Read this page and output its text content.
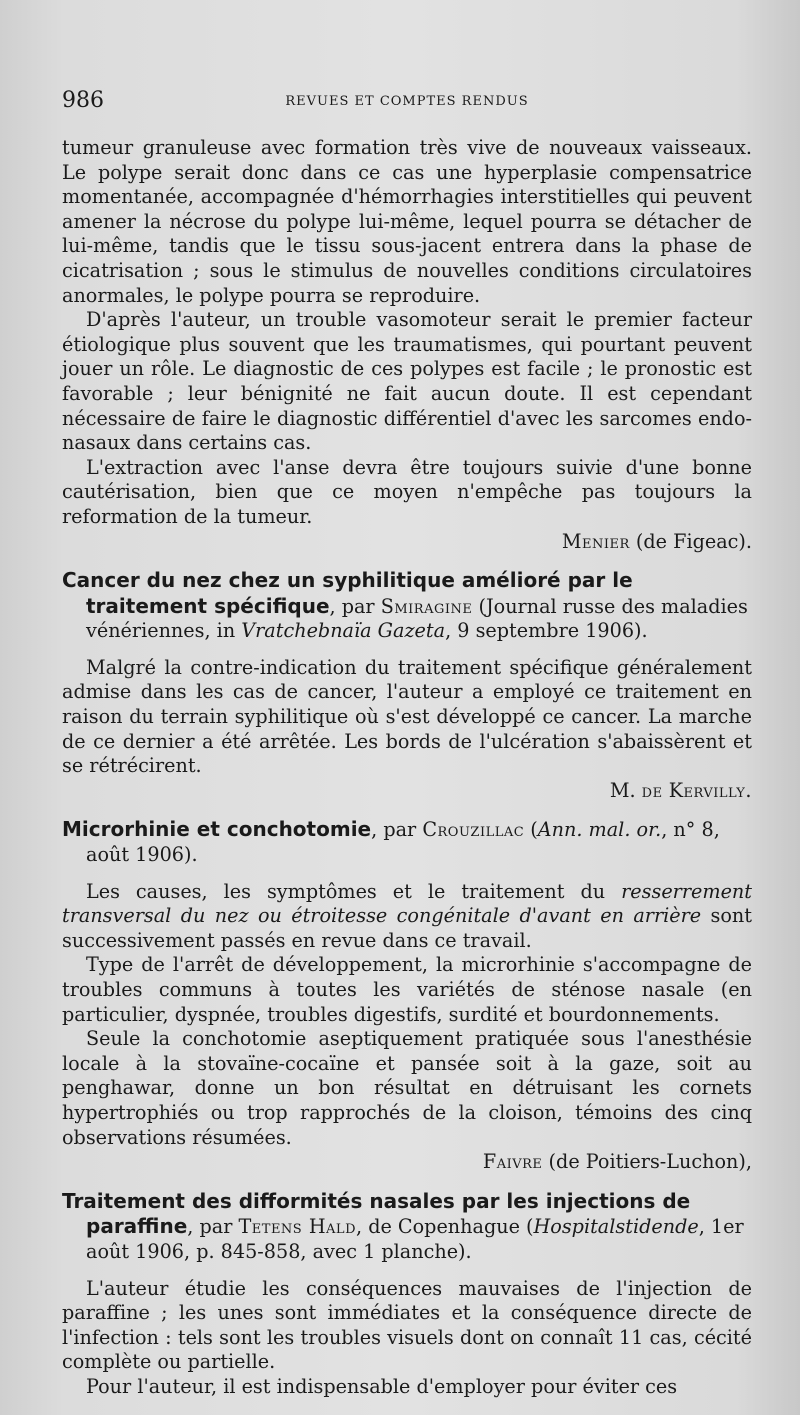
986	REVUES ET COMPTES RENDUS

tumeur granuleuse avec formation très vive de nouveaux vaisseaux. Le polype serait donc dans ce cas une hyperplasie compensatrice momentanée, accompagnée d'hémorrhagies interstitielles qui peuvent amener la nécrose du polype lui-même, lequel pourra se détacher de lui-même, tandis que le tissu sous-jacent entrera dans la phase de cicatrisation ; sous le stimulus de nouvelles conditions circulatoires anormales, le polype pourra se reproduire.

D'après l'auteur, un trouble vasomoteur serait le premier facteur étiologique plus souvent que les traumatismes, qui pourtant peuvent jouer un rôle. Le diagnostic de ces polypes est facile ; le pronostic est favorable ; leur bénignité ne fait aucun doute. Il est cependant nécessaire de faire le diagnostic différentiel d'avec les sarcomes endo-nasaux dans certains cas.

L'extraction avec l'anse devra être toujours suivie d'une bonne cautérisation, bien que ce moyen n'empêche pas toujours la reformation de la tumeur.

Menier (de Figeac).

Cancer du nez chez un syphilitique amélioré par le traitement spécifique, par Smiragine (Journal russe des maladies vénériennes, in Vratchebnaïa Gazeta, 9 septembre 1906).

Malgré la contre-indication du traitement spécifique généralement admise dans les cas de cancer, l'auteur a employé ce traitement en raison du terrain syphilitique où s'est développé ce cancer. La marche de ce dernier a été arrêtée. Les bords de l'ulcération s'abaissèrent et se rétrécirent.

M. de Kervilly.

Microrhinie et conchotomie, par Crouzillac (Ann. mal. or., n° 8, août 1906).

Les causes, les symptômes et le traitement du resserrement transversal du nez ou étroitesse congénitale d'avant en arrière sont successivement passés en revue dans ce travail.

Type de l'arrêt de développement, la microrhinie s'accompagne de troubles communs à toutes les variétés de sténose nasale (en particulier, dyspnée, troubles digestifs, surdité et bourdonnements.

Seule la conchotomie aseptiquement pratiquée sous l'anesthésie locale à la stovaïne-cocaïne et pansée soit à la gaze, soit au penghawar, donne un bon résultat en détruisant les cornets hypertrophiés ou trop rapprochés de la cloison, témoins des cinq observations résumées.

Faivre (de Poitiers-Luchon),

Traitement des difformités nasales par les injections de paraffine, par Tetens Hald, de Copenhague (Hospitalstidende, 1er août 1906, p. 845-858, avec 1 planche).

L'auteur étudie les conséquences mauvaises de l'injection de paraffine ; les unes sont immédiates et la conséquence directe de l'infection : tels sont les troubles visuels dont on connaît 11 cas, cécité complète ou partielle.

Pour l'auteur, il est indispensable d'employer pour éviter ces
